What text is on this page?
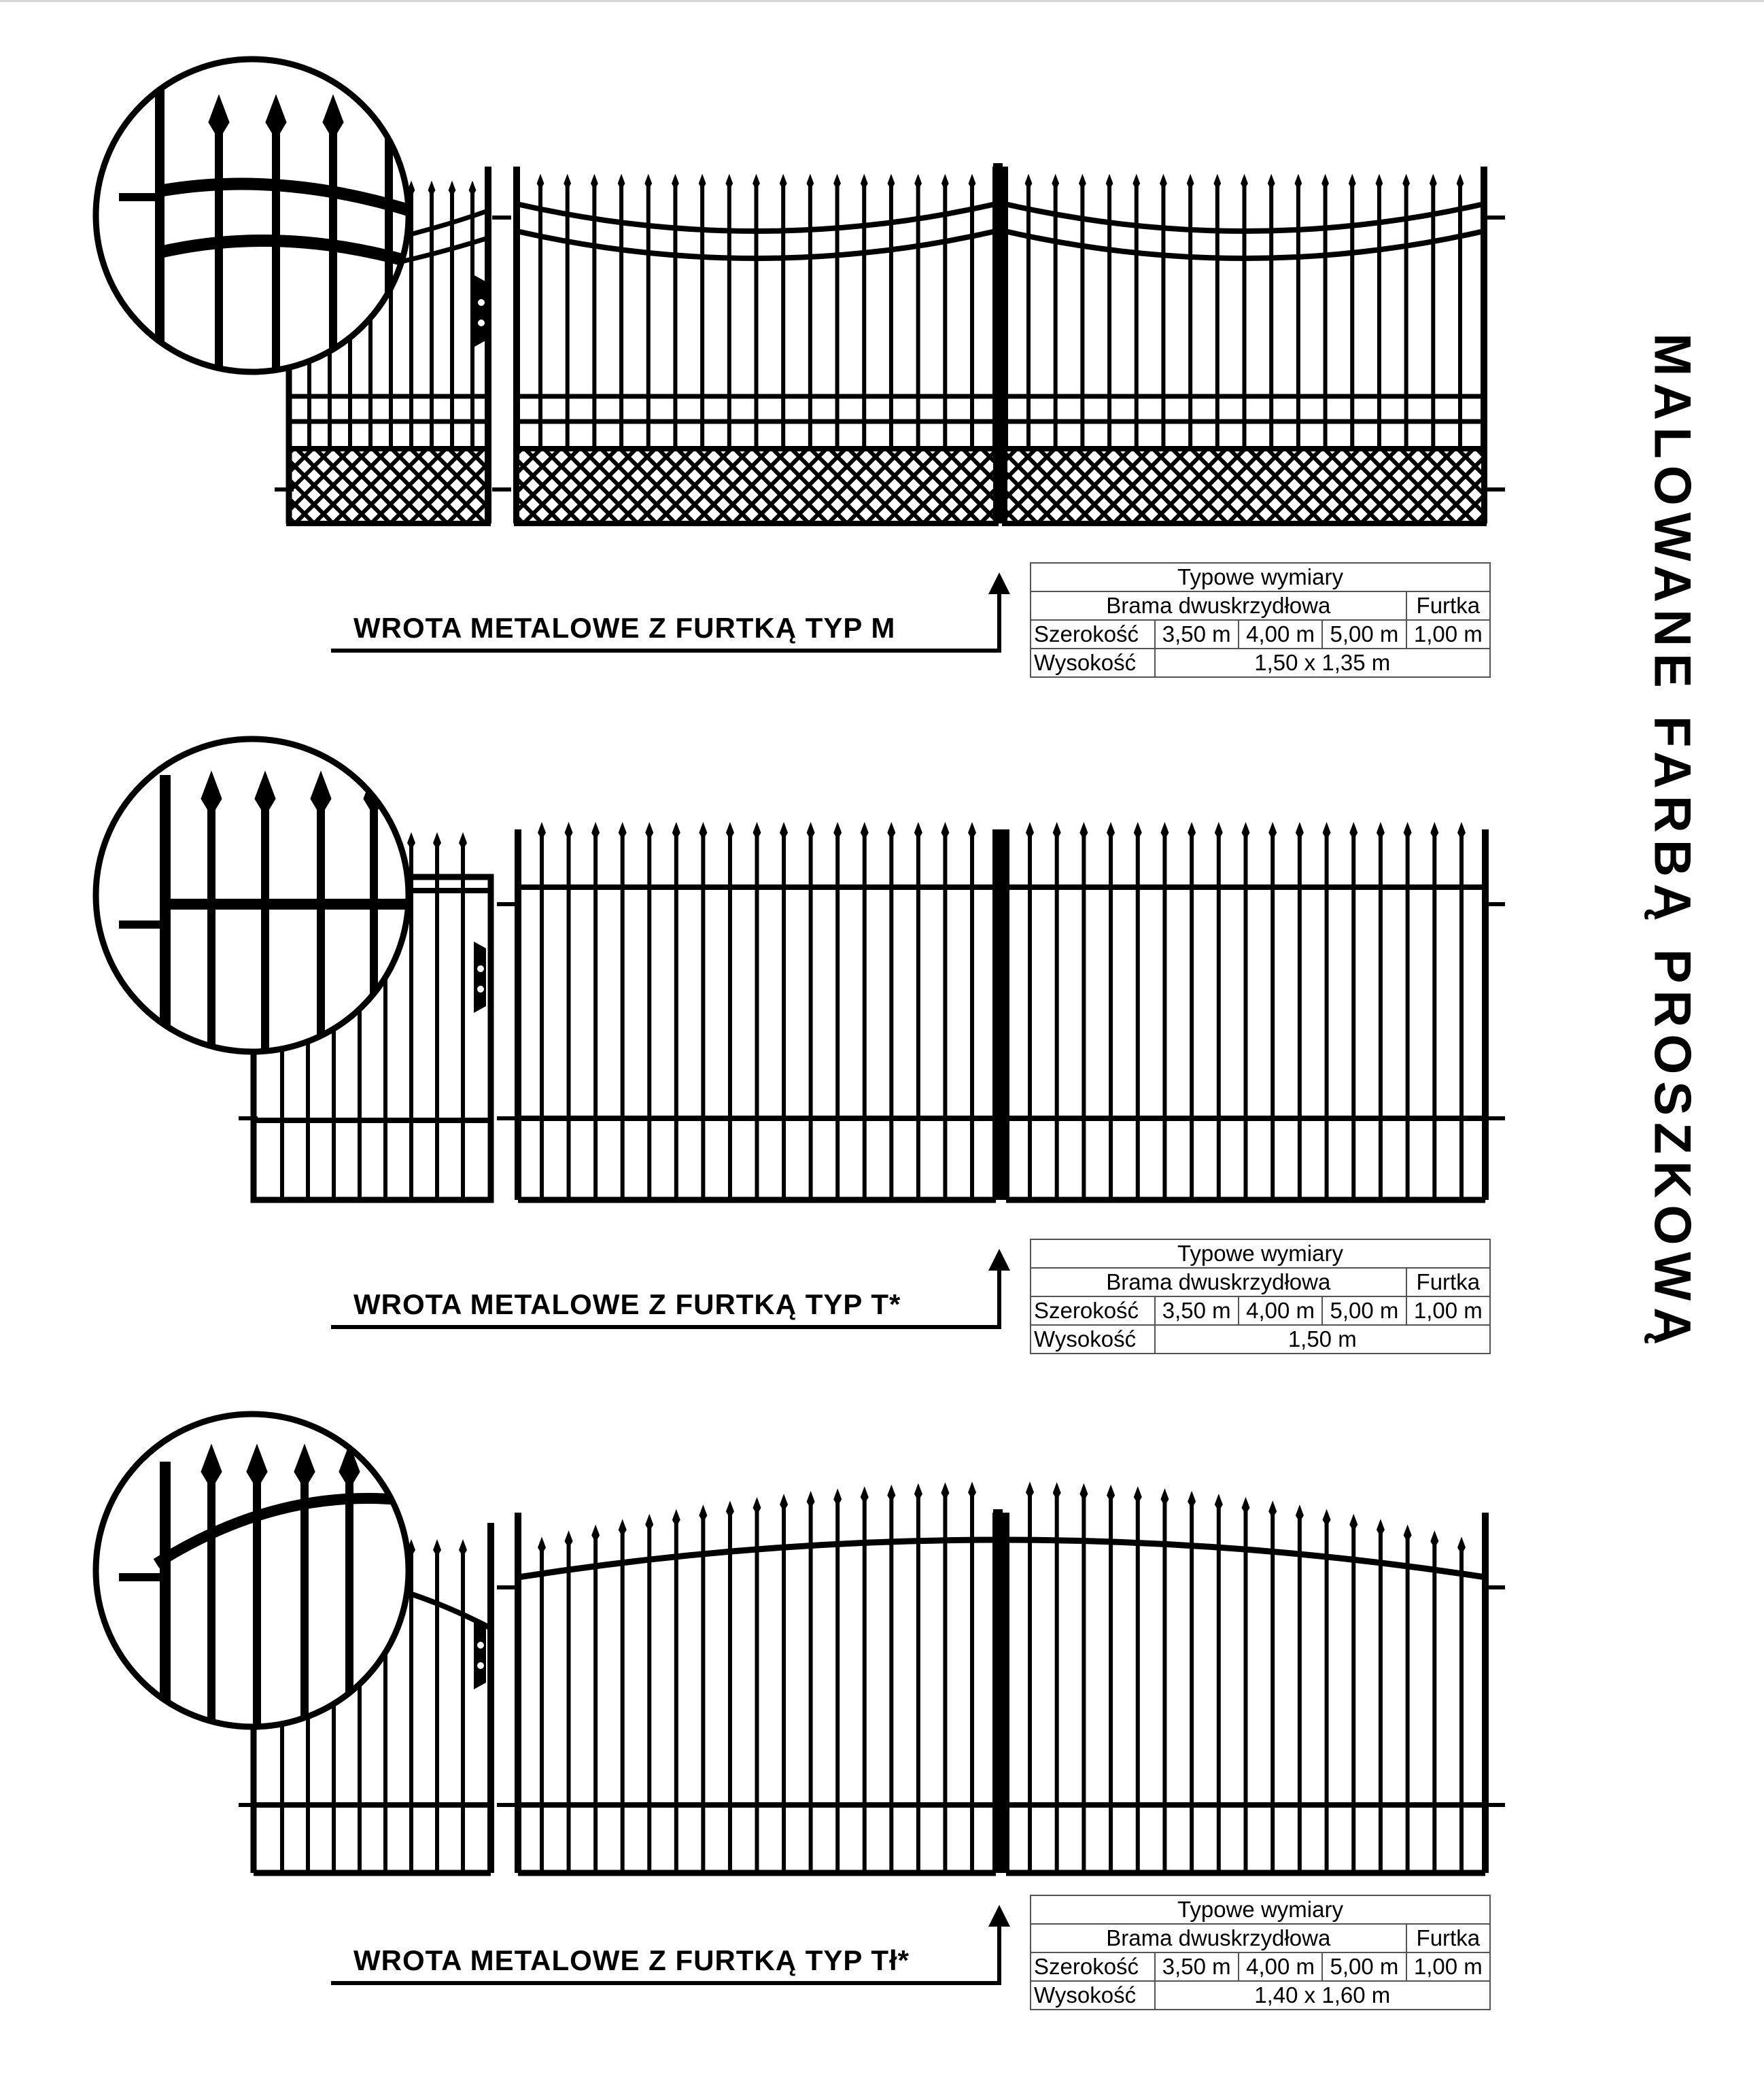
WROTA METALOWE Z FURTKĄ TYP M
Typowe wymiary				
Brama dwuskrzydłowa				Furtka
Szerokość	3,50 m	4,00 m	5,00 m	1,00 m
Wysokość	1,50 x 1,35 m			
WROTA METALOWE Z FURTKĄ TYP T*
Typowe wymiary				
Brama dwuskrzydłowa				Furtka
Szerokość	3,50 m	4,00 m	5,00 m	1,00 m
Wysokość	1,50 m			
WROTA METALOWE Z FURTKĄ TYP Tł*
Typowe wymiary				
Brama dwuskrzydłowa				Furtka
Szerokość	3,50 m	4,00 m	5,00 m	1,00 m
Wysokość	1,40 x 1,60 m			
MALOWANE FARBĄ PROSZKOWĄ
